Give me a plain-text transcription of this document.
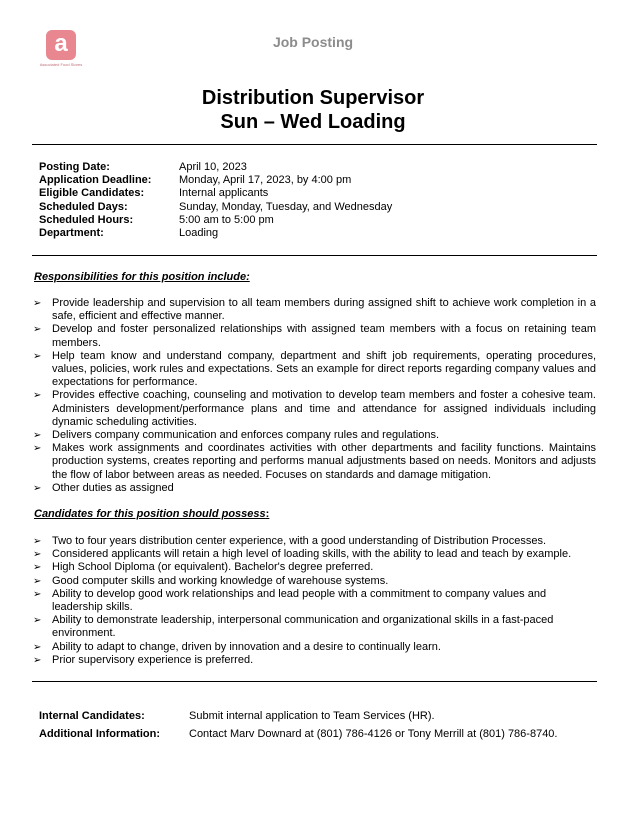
a
Associated Food Stores
Job Posting
Distribution Supervisor
Sun – Wed Loading
Posting Date:	April 10, 2023
Application Deadline:	Monday, April 17, 2023, by 4:00 pm
Eligible Candidates:	Internal applicants
Scheduled Days:	Sunday, Monday, Tuesday, and Wednesday
Scheduled Hours:	5:00 am to 5:00 pm
Department:	Loading
Responsibilities for this position include:
➢ Provide leadership and supervision to all team members during assigned shift to achieve work completion in a safe, efficient and effective manner.
➢ Develop and foster personalized relationships with assigned team members with a focus on retaining team members.
➢ Help team know and understand company, department and shift job requirements, operating procedures, values, policies, work rules and expectations. Sets an example for direct reports regarding company values and expectations for performance.
➢ Provides effective coaching, counseling and motivation to develop team members and foster a cohesive team. Administers development/performance plans and time and attendance for assigned individuals including dynamic scheduling activities.
➢ Delivers company communication and enforces company rules and regulations.
➢ Makes work assignments and coordinates activities with other departments and facility functions. Maintains production systems, creates reporting and performs manual adjustments based on needs. Monitors and adjusts the flow of labor between areas as needed. Focuses on standards and damage mitigation.
➢ Other duties as assigned
Candidates for this position should possess:
➢ Two to four years distribution center experience, with a good understanding of Distribution Processes.
➢ Considered applicants will retain a high level of loading skills, with the ability to lead and teach by example.
➢ High School Diploma (or equivalent). Bachelor's degree preferred.
➢ Good computer skills and working knowledge of warehouse systems.
➢ Ability to develop good work relationships and lead people with a commitment to company values and leadership skills.
➢ Ability to demonstrate leadership, interpersonal communication and organizational skills in a fast-paced environment.
➢ Ability to adapt to change, driven by innovation and a desire to continually learn.
➢ Prior supervisory experience is preferred.
Internal Candidates:	Submit internal application to Team Services (HR).
Additional Information:	Contact Marv Downard at (801) 786-4126 or Tony Merrill at (801) 786-8740.
